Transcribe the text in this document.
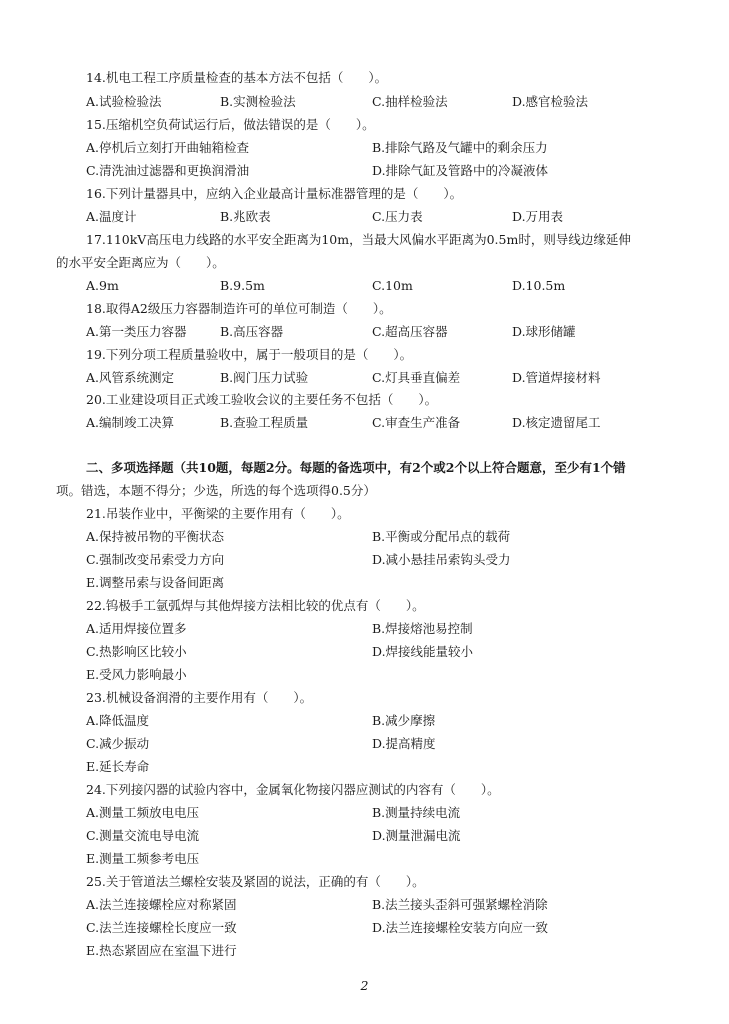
14.机电工程工序质量检查的基本方法不包括（　　）。
A.试验检验法	B.实测检验法	C.抽样检验法	D.感官检验法
15.压缩机空负荷试运行后，做法错误的是（　　）。
A.停机后立刻打开曲轴箱检查	B.排除气路及气罐中的剩余压力
C.清洗油过滤器和更换润滑油	D.排除气缸及管路中的冷凝液体
16.下列计量器具中，应纳入企业最高计量标准器管理的是（　　）。
A.温度计	B.兆欧表	C.压力表	D.万用表
17.110kV高压电力线路的水平安全距离为10m，当最大风偏水平距离为0.5m时，则导线边缘延伸
的水平安全距离应为（　　）。
A.9m	B.9.5m	C.10m	D.10.5m
18.取得A2级压力容器制造许可的单位可制造（　　）。
A.第一类压力容器	B.高压容器	C.超高压容器	D.球形储罐
19.下列分项工程质量验收中，属于一般项目的是（　　）。
A.风管系统测定	B.阀门压力试验	C.灯具垂直偏差	D.管道焊接材料
20.工业建设项目正式竣工验收会议的主要任务不包括（　　）。
A.编制竣工决算	B.查验工程质量	C.审查生产准备	D.核定遗留尾工
二、多项选择题（共10题，每题2分。每题的备选项中，有2个或2个以上符合题意，至少有1个错
项。错选，本题不得分；少选，所选的每个选项得0.5分）
21.吊装作业中，平衡梁的主要作用有（　　）。
A.保持被吊物的平衡状态	B.平衡或分配吊点的载荷
C.强制改变吊索受力方向	D.减小悬挂吊索钩头受力
E.调整吊索与设备间距离
22.钨极手工氩弧焊与其他焊接方法相比较的优点有（　　）。
A.适用焊接位置多	B.焊接熔池易控制
C.热影响区比较小	D.焊接线能量较小
E.受风力影响最小
23.机械设备润滑的主要作用有（　　）。
A.降低温度	B.减少摩擦
C.减少振动	D.提高精度
E.延长寿命
24.下列接闪器的试验内容中，金属氧化物接闪器应测试的内容有（　　）。
A.测量工频放电电压	B.测量持续电流
C.测量交流电导电流	D.测量泄漏电流
E.测量工频参考电压
25.关于管道法兰螺栓安装及紧固的说法，正确的有（　　）。
A.法兰连接螺栓应对称紧固	B.法兰接头歪斜可强紧螺栓消除
C.法兰连接螺栓长度应一致	D.法兰连接螺栓安装方向应一致
E.热态紧固应在室温下进行
2
